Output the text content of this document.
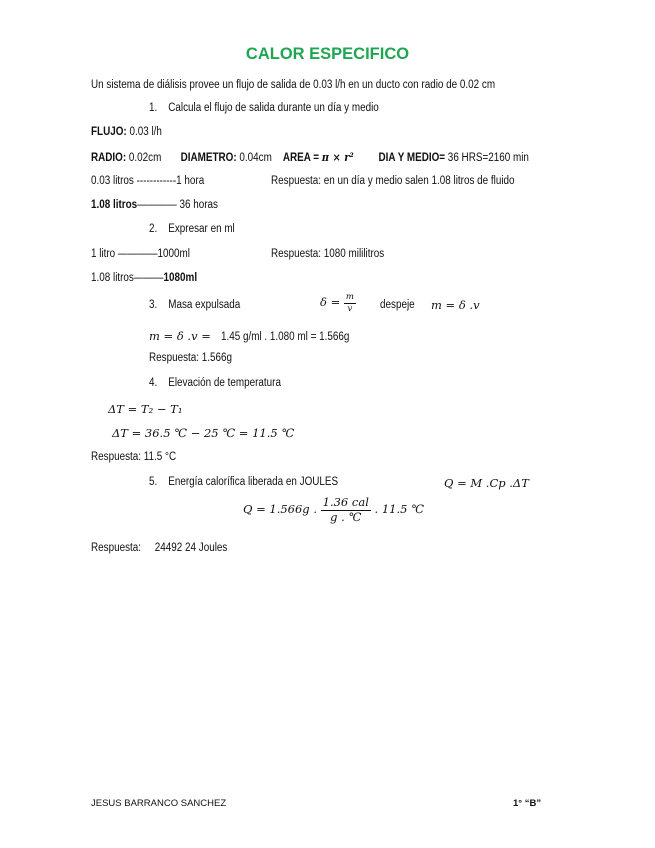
CALOR ESPECIFICO
Un sistema de diálisis provee un flujo de salida de 0.03 l/h en un ducto con radio de 0.02 cm
1. Calcula el flujo de salida durante un día y medio
FLUJO: 0.03 l/h
RADIO: 0.02cm DIAMETRO: 0.04cm AREA = π × r² DIA Y MEDIO= 36 HRS=2160 min
0.03 litros ------------1 hora	Respuesta: en un día y medio salen 1.08 litros de fluido
1.08 litros———— 36 horas
2. Expresar en ml
1 litro ————1000ml	Respuesta: 1080 mililitros
1.08 litros———1080ml
3. Masa expulsada	$\delta = \frac{m}{v}$ despeje m = δ .v
m = δ .v = 1.45 g/ml . 1.080 ml = 1.566g
Respuesta: 1.566g
4. Elevación de temperatura
ΔT = T₂ − T₁
ΔT = 36.5 ℃ − 25 ℃ = 11.5 ℃
Respuesta: 11.5 °C
5. Energía calorífica liberada en JOULES	Q = M .Cp .ΔT
Q = 1.566g . $\frac{\text{1.36 cal}}{g . ℃}$ . 11.5 ℃
Respuesta: 24492 24 Joules
JESUS BARRANCO SANCHEZ	1° “B”
